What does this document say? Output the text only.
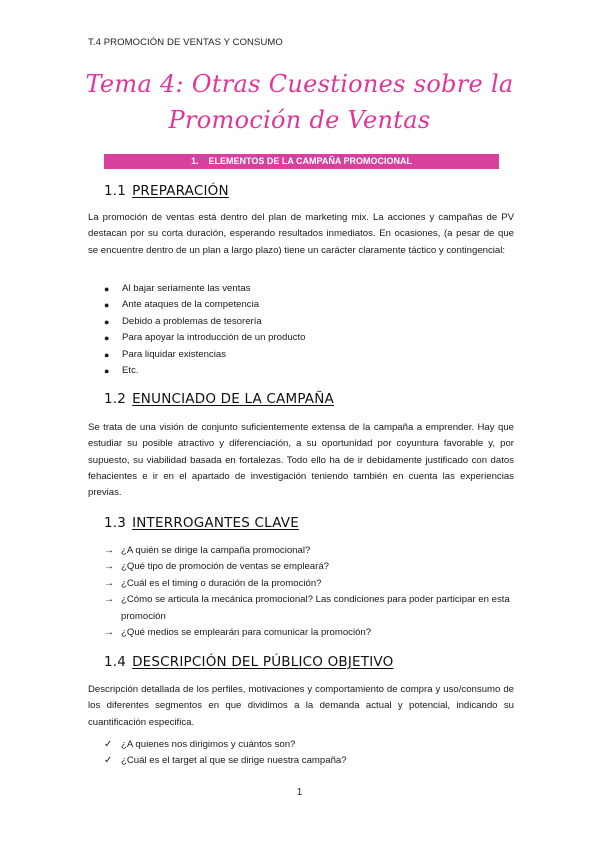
T.4 PROMOCIÓN DE VENTAS Y CONSUMO
Tema 4: Otras Cuestiones sobre la
Promoción de Ventas
1.    ELEMENTOS DE LA CAMPAÑA PROMOCIONAL
1.1 PREPARACIÓN

La promoción de ventas está dentro del plan de marketing mix. La acciones y campañas de PV destacan por su corta duración, esperando resultados inmediatos. En ocasiones, (a pesar de que se encuentre dentro de un plan a largo plazo) tiene un carácter claramente táctico y contingencial:

●	Al bajar seriamente las ventas
●	Ante ataques de la competencia
●	Debido a problemas de tesorería
●	Para apoyar la introducción de un producto
●	Para liquidar existencias
●	Etc.
1.2 ENUNCIADO DE LA CAMPAÑA

Se trata de una visión de conjunto suficientemente extensa de la campaña a emprender. Hay que estudiar su posible atractivo y diferenciación, a su oportunidad por coyuntura favorable y, por supuesto, su viabilidad basada en fortalezas. Todo ello ha de ir debidamente justificado con datos fehacientes e ir en el apartado de investigación teniendo también en cuenta las experiencias previas.

1.3 INTERROGANTES CLAVE
→ ¿A quién se dirige la campaña promocional?
→ ¿Qué tipo de promoción de ventas se empleará?
→ ¿Cuál es el timing o duración de la promoción?
→ ¿Cómo se articula la mecánica promocional? Las condiciones para poder participar en esta promoción
→ ¿Qué medios se emplearán para comunicar la promoción?
1.4 DESCRIPCIÓN DEL PÚBLICO OBJETIVO

Descripción detallada de los perfiles, motivaciones y comportamiento de compra y uso/consumo de los diferentes segmentos en que dividimos a la demanda actual y potencial, indicando su cuantificación especifica.

✓ ¿A quienes nos dirigimos y cuántos son?
✓ ¿Cuál es el target al que se dirige nuestra campaña?
1
